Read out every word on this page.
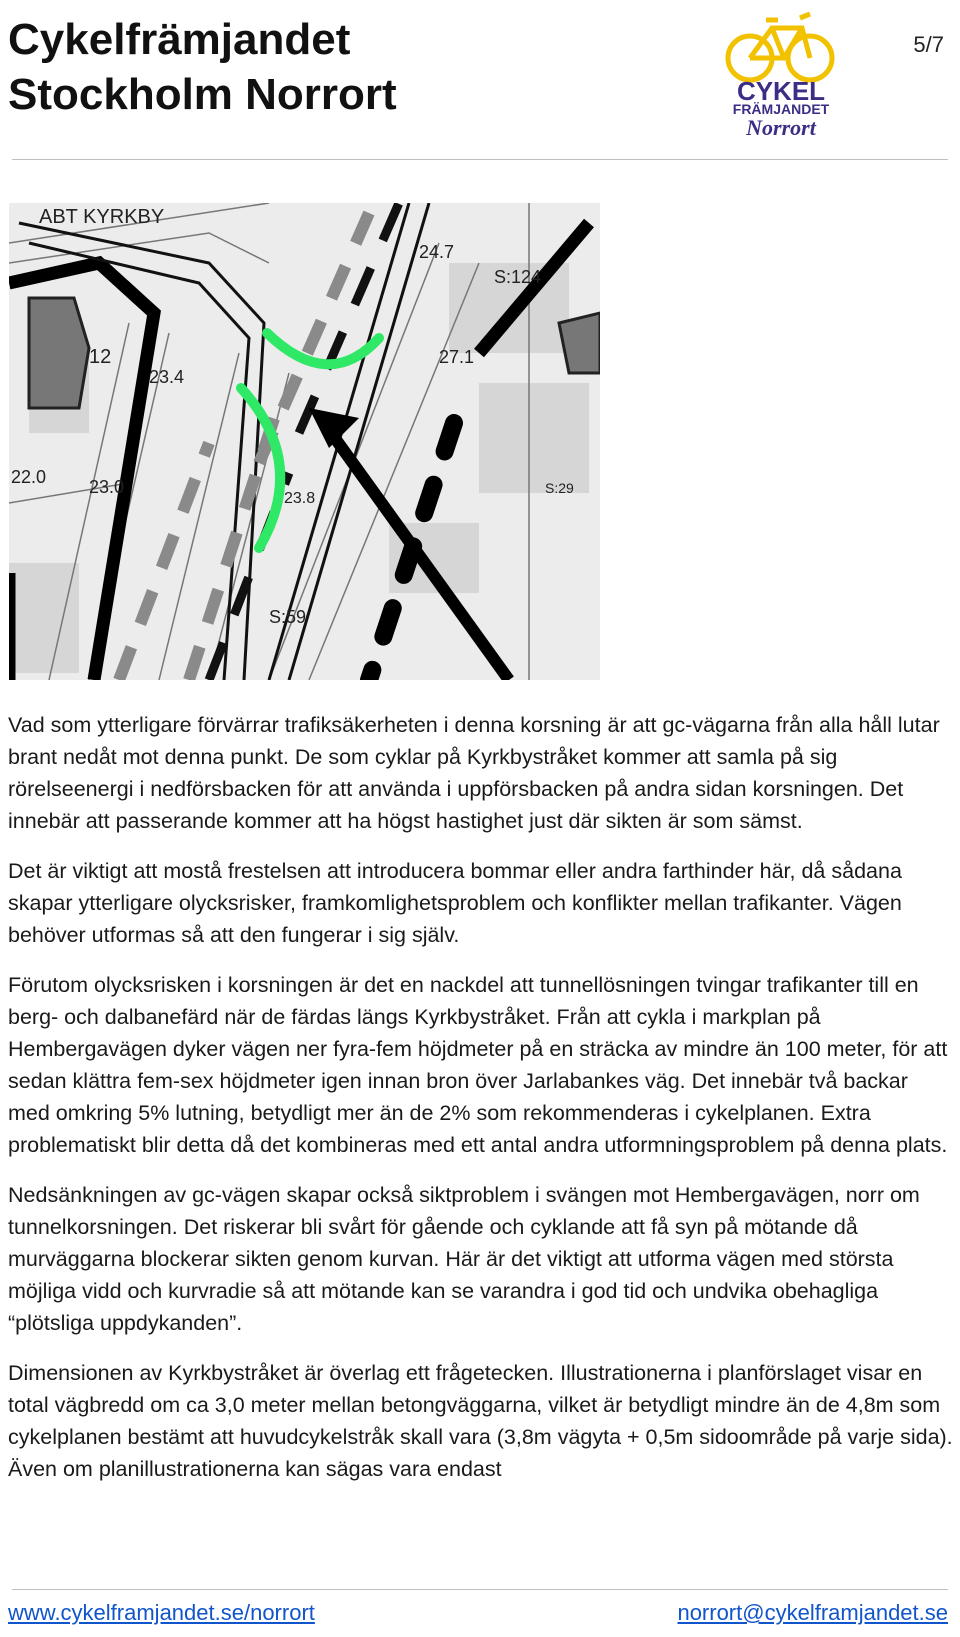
Cykelfrämjandet
Stockholm Norrort	CYKEL
FRÄMJANDET
Norrort
5/7
12
23.4
23.0
22.0
23.8
27.1
24.7
S:124
S:59
S:29
ABT KYRKBY

Vad som ytterligare förvärrar trafiksäkerheten i denna korsning är att gc-vägarna från alla håll lutar brant nedåt mot denna punkt. De som cyklar på Kyrkbystråket kommer att samla på sig rörelseenergi i nedförsbacken för att använda i uppförsbacken på andra sidan korsningen. Det innebär att passerande kommer att ha högst hastighet just där sikten är som sämst.

Det är viktigt att mostå frestelsen att introducera bommar eller andra farthinder här, då sådana skapar ytterligare olycksrisker, framkomlighetsproblem och konflikter mellan trafikanter. Vägen behöver utformas så att den fungerar i sig själv.

Förutom olycksrisken i korsningen är det en nackdel att tunnellösningen tvingar trafikanter till en berg- och dalbanefärd när de färdas längs Kyrkbystråket. Från att cykla i markplan på Hembergavägen dyker vägen ner fyra-fem höjdmeter på en sträcka av mindre än 100 meter, för att sedan klättra fem-sex höjdmeter igen innan bron över Jarlabankes väg. Det innebär två backar med omkring 5% lutning, betydligt mer än de 2% som rekommenderas i cykelplanen. Extra problematiskt blir detta då det kombineras med ett antal andra utformningsproblem på denna plats.

Nedsänkningen av gc-vägen skapar också siktproblem i svängen mot Hembergavägen, norr om tunnelkorsningen. Det riskerar bli svårt för gående och cyklande att få syn på mötande då murväggarna blockerar sikten genom kurvan. Här är det viktigt att utforma vägen med största möjliga vidd och kurvradie så att mötande kan se varandra i god tid och undvika obehagliga “plötsliga uppdykanden”.

Dimensionen av Kyrkbystråket är överlag ett frågetecken. Illustrationerna i planförslaget visar en total vägbredd om ca 3,0 meter mellan betongväggarna, vilket är betydligt mindre än de 4,8m som cykelplanen bestämt att huvudcykelstråk skall vara (3,8m vägyta + 0,5m sidoområde på varje sida). Även om planillustrationerna kan sägas vara endast

www.cykelframjandet.se/norrort	norrort@cykelframjandet.se
